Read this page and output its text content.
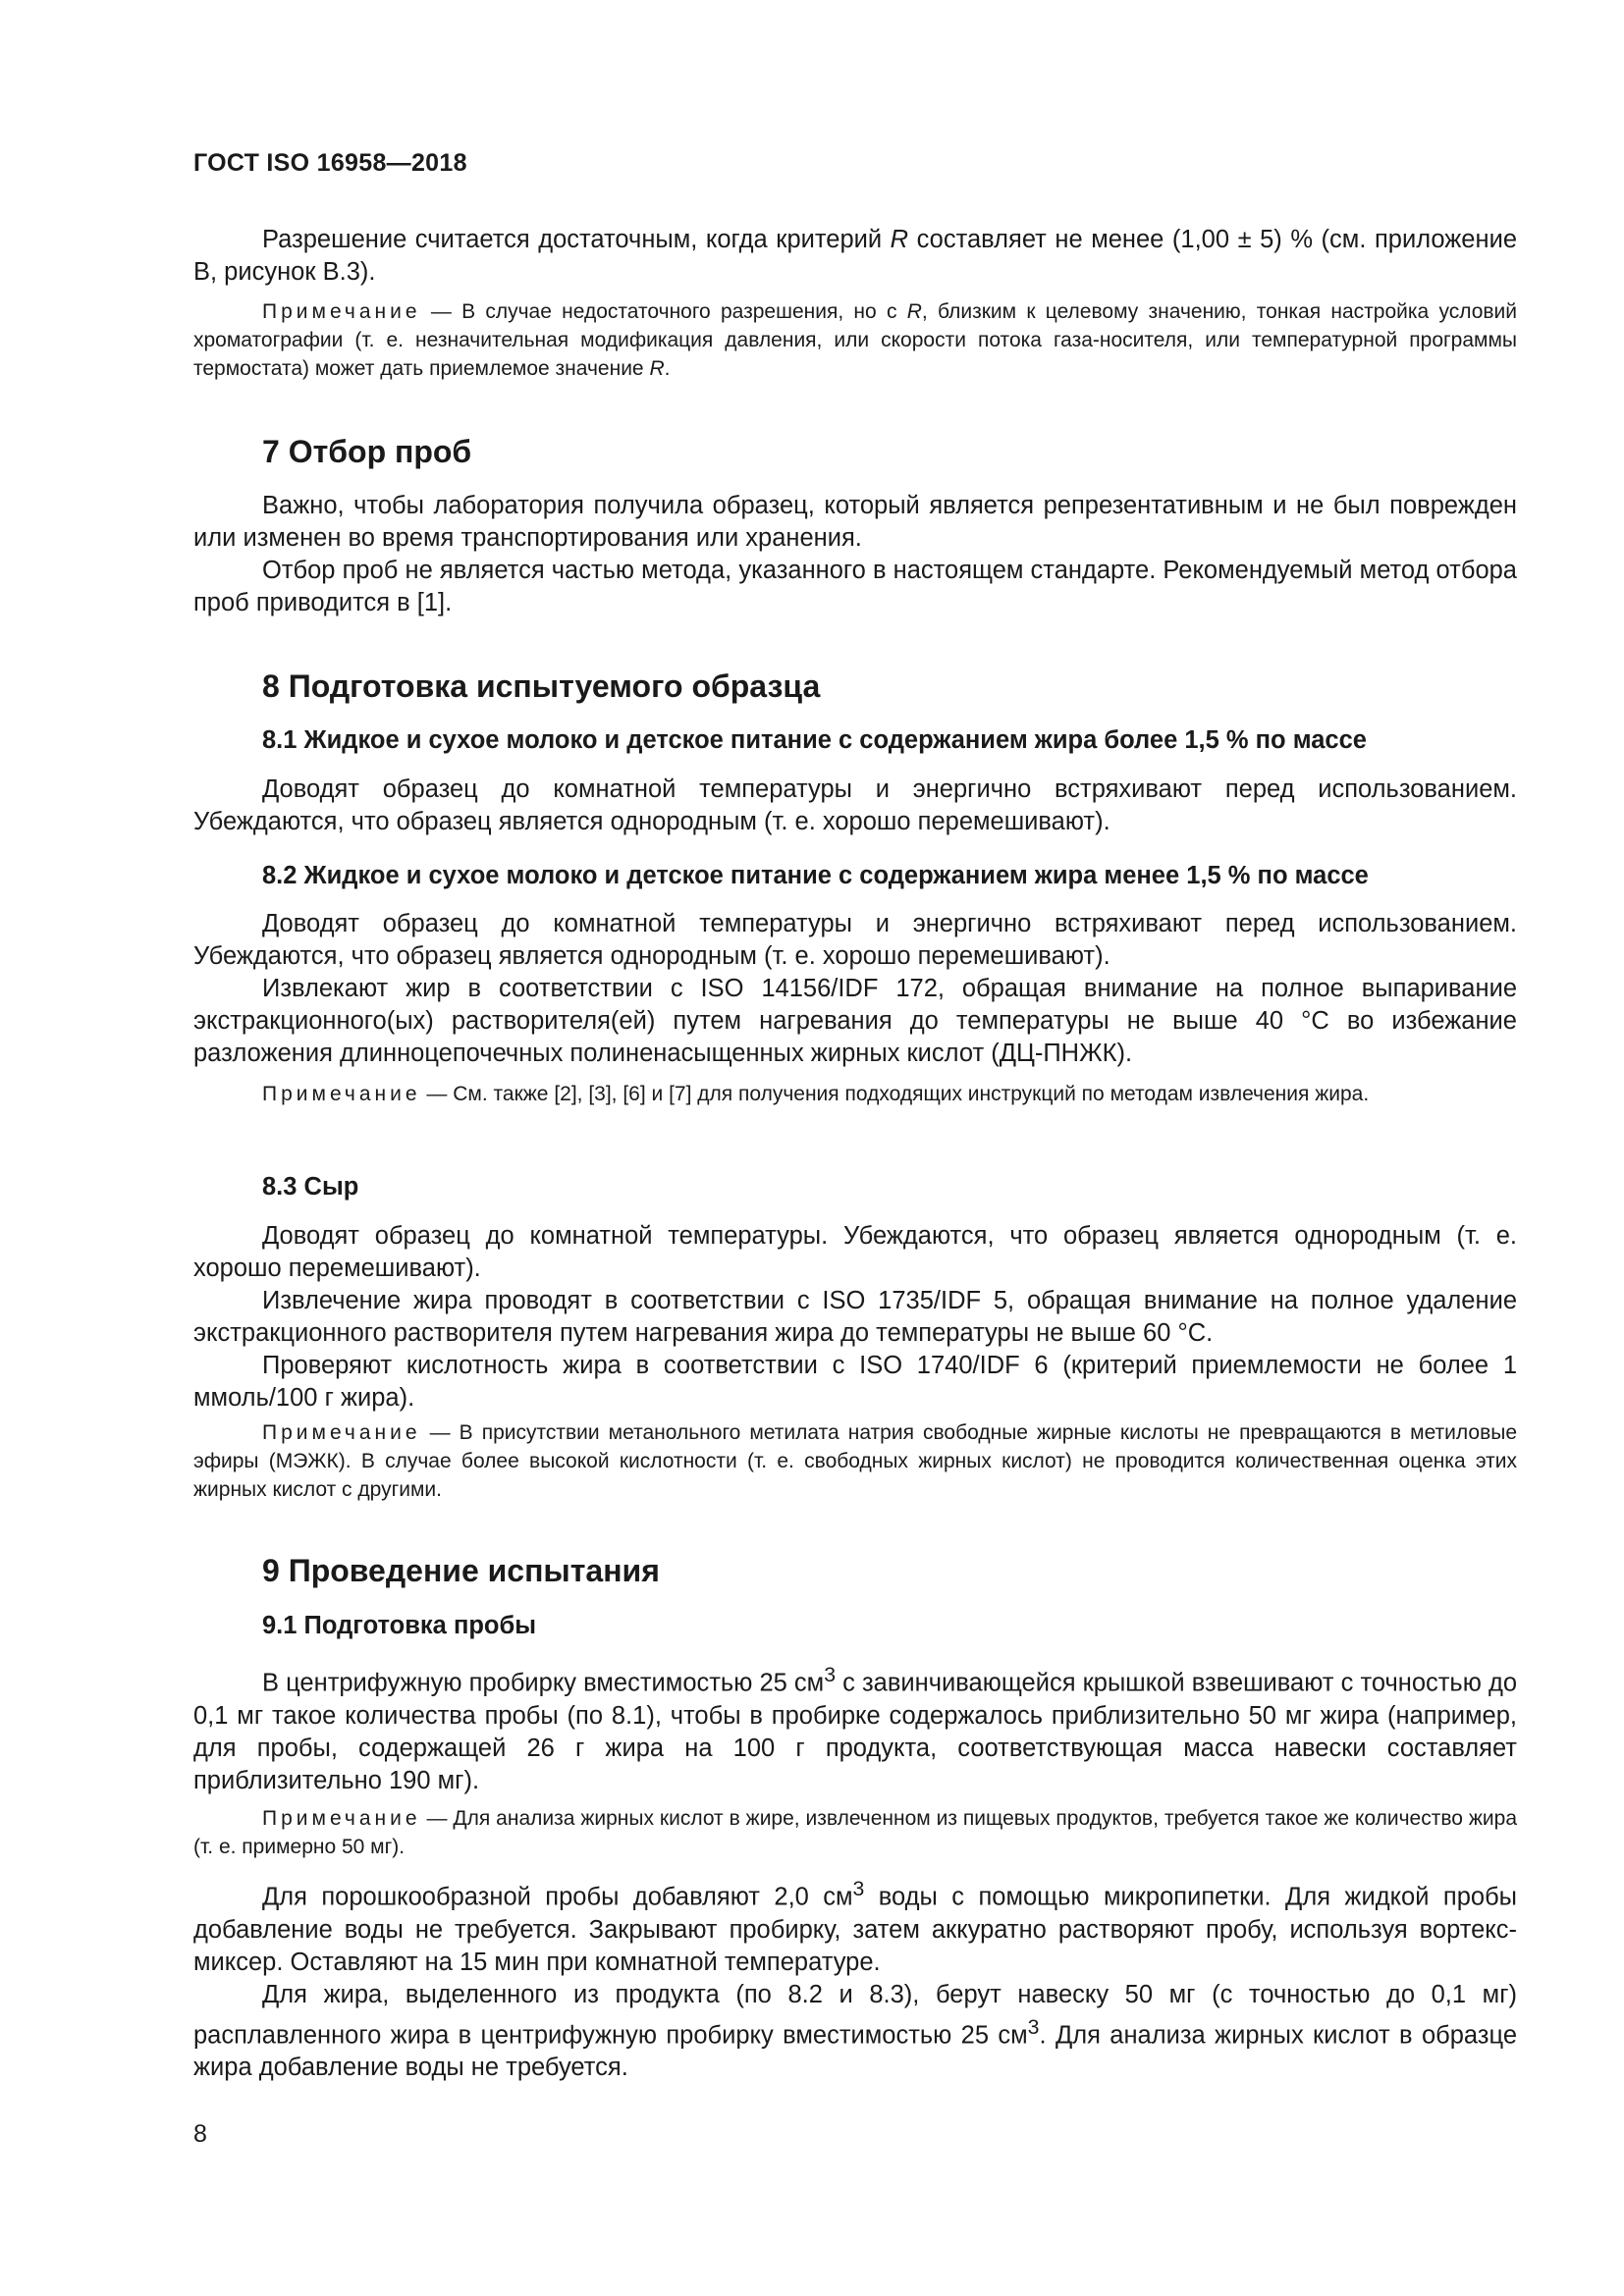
ГОСТ ISO 16958—2018

Разрешение считается достаточным, когда критерий R составляет не менее (1,00 ± 5) % (см. приложение В, рисунок В.3).

Примечание — В случае недостаточного разрешения, но с R, близким к целевому значению, тонкая настройка условий хроматографии (т. е. незначительная модификация давления, или скорости потока газа-носителя, или температурной программы термостата) может дать приемлемое значение R.

7 Отбор проб

Важно, чтобы лаборатория получила образец, который является репрезентативным и не был поврежден или изменен во время транспортирования или хранения.

Отбор проб не является частью метода, указанного в настоящем стандарте. Рекомендуемый метод отбора проб приводится в [1].

8 Подготовка испытуемого образца
8.1 Жидкое и сухое молоко и детское питание с содержанием жира более 1,5 % по массе

Доводят образец до комнатной температуры и энергично встряхивают перед использованием. Убеждаются, что образец является однородным (т. е. хорошо перемешивают).

8.2 Жидкое и сухое молоко и детское питание с содержанием жира менее 1,5 % по массе

Доводят образец до комнатной температуры и энергично встряхивают перед использованием. Убеждаются, что образец является однородным (т. е. хорошо перемешивают).

Извлекают жир в соответствии с ISO 14156/IDF 172, обращая внимание на полное выпаривание экстракционного(ых) растворителя(ей) путем нагревания до температуры не выше 40 °С во избежание разложения длинноцепочечных полиненасыщенных жирных кислот (ДЦ-ПНЖК).

Примечание — См. также [2], [3], [6] и [7] для получения подходящих инструкций по методам извлечения жира.

8.3 Сыр

Доводят образец до комнатной температуры. Убеждаются, что образец является однородным (т. е. хорошо перемешивают).

Извлечение жира проводят в соответствии с ISO 1735/IDF 5, обращая внимание на полное удаление экстракционного растворителя путем нагревания жира до температуры не выше 60 °С.

Проверяют кислотность жира в соответствии с ISO 1740/IDF 6 (критерий приемлемости не более 1 ммоль/100 г жира).

Примечание — В присутствии метанольного метилата натрия свободные жирные кислоты не превращаются в метиловые эфиры (МЭЖК). В случае более высокой кислотности (т. е. свободных жирных кислот) не проводится количественная оценка этих жирных кислот с другими.

9 Проведение испытания
9.1 Подготовка пробы

В центрифужную пробирку вместимостью 25 $см^3$ с завинчивающейся крышкой взвешивают с точностью до 0,1 мг такое количества пробы (по 8.1), чтобы в пробирке содержалось приблизительно 50 мг жира (например, для пробы, содержащей 26 г жира на 100 г продукта, соответствующая масса навески составляет приблизительно 190 мг).

Примечание — Для анализа жирных кислот в жире, извлеченном из пищевых продуктов, требуется такое же количество жира (т. е. примерно 50 мг).

Для порошкообразной пробы добавляют 2,0 $см^3$ воды с помощью микропипетки. Для жидкой пробы добавление воды не требуется. Закрывают пробирку, затем аккуратно растворяют пробу, используя вортекс-миксер. Оставляют на 15 мин при комнатной температуре.

Для жира, выделенного из продукта (по 8.2 и 8.3), берут навеску 50 мг (с точностью до 0,1 мг) расплавленного жира в центрифужную пробирку вместимостью 25 $см^3$. Для анализа жирных кислот в образце жира добавление воды не требуется.

8
